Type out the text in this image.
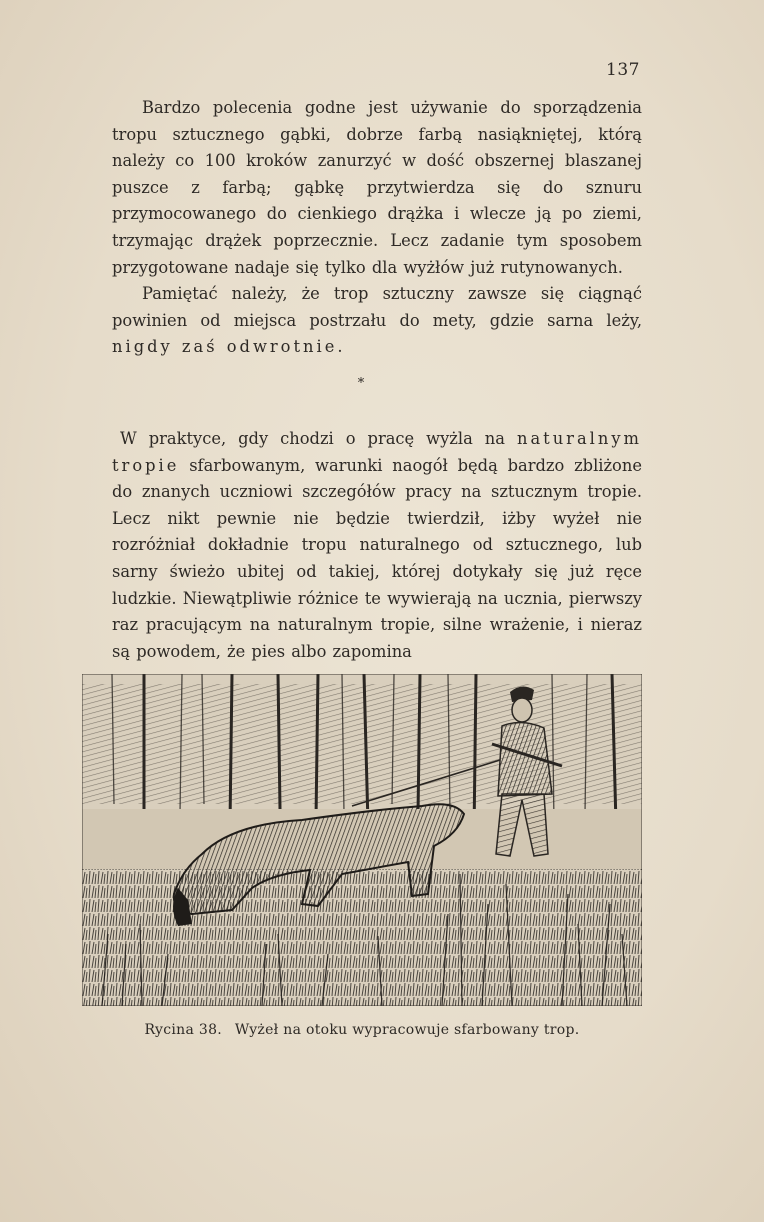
137

Bardzo polecenia godne jest używanie do sporządzenia tropu sztucznego gąbki, dobrze farbą nasiąkniętej, którą należy co 100 kroków zanurzyć w dość obszernej blaszanej puszce z farbą; gąbkę przytwierdza się do sznuru przymocowanego do cienkiego drążka i wlecze ją po ziemi, trzymając drążek poprzecznie. Lecz zadanie tym sposobem przygotowane nadaje się tylko dla wyżłów już rutynowanych.

Pamiętać należy, że trop sztuczny zawsze się ciągnąć powinien od miejsca postrzału do mety, gdzie sarna leży, nigdy zaś odwrotnie.

*

W praktyce, gdy chodzi o pracę wyżla na naturalnym tropie sfarbowanym, warunki naogół będą bardzo zbliżone do znanych uczniowi szczegółów pracy na sztucznym tropie. Lecz nikt pewnie nie będzie twierdził, iżby wyżeł nie rozróżniał dokładnie tropu naturalnego od sztucznego, lub sarny świeżo ubitej od takiej, której dotykały się już ręce ludzkie. Niewątpliwie różnice te wywierają na ucznia, pierwszy raz pracującym na naturalnym tropie, silne wrażenie, i nieraz są powodem, że pies albo zapomina

Rycina 38. Wyżeł na otoku wypracowuje sfarbowany trop.
